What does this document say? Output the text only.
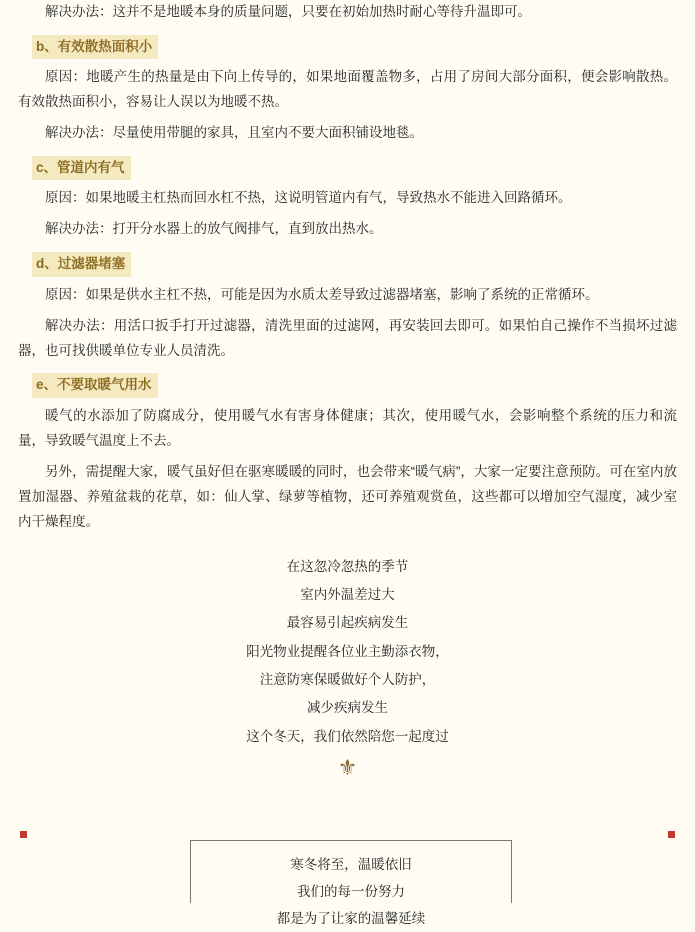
解决办法：这并不是地暖本身的质量问题，只要在初始加热时耐心等待升温即可。

b、有效散热面积小

原因：地暖产生的热量是由下向上传导的，如果地面覆盖物多，占用了房间大部分面积，便会影响散热。有效散热面积小，容易让人误以为地暖不热。

解决办法：尽量使用带腿的家具，且室内不要大面积铺设地毯。

c、管道内有气

原因：如果地暖主杠热而回水杠不热，这说明管道内有气，导致热水不能进入回路循环。

解决办法：打开分水器上的放气阀排气，直到放出热水。

d、过滤器堵塞

原因：如果是供水主杠不热，可能是因为水质太差导致过滤器堵塞，影响了系统的正常循环。

解决办法：用活口扳手打开过滤器，清洗里面的过滤网，再安装回去即可。如果怕自己操作不当损坏过滤器，也可找供暖单位专业人员清洗。

e、不要取暖气用水

暖气的水添加了防腐成分，使用暖气水有害身体健康；其次，使用暖气水，会影响整个系统的压力和流量，导致暖气温度上不去。

另外，需提醒大家，暖气虽好但在驱寒暖暖的同时，也会带来“暖气病”，大家一定要注意预防。可在室内放置加湿器、养殖盆栽的花草，如：仙人掌、绿萝等植物，还可养殖观赏鱼，这些都可以增加空气湿度，减少室内干燥程度。

在这忽冷忽热的季节
室内外温差过大
最容易引起疾病发生
阳光物业提醒各位业主勤添衣物，
注意防寒保暖做好个人防护，
减少疾病发生
这个冬天，我们依然陪您一起度过
⚜
寒冬将至，温暖依旧
我们的每一份努力
都是为了让家的温馨延续
